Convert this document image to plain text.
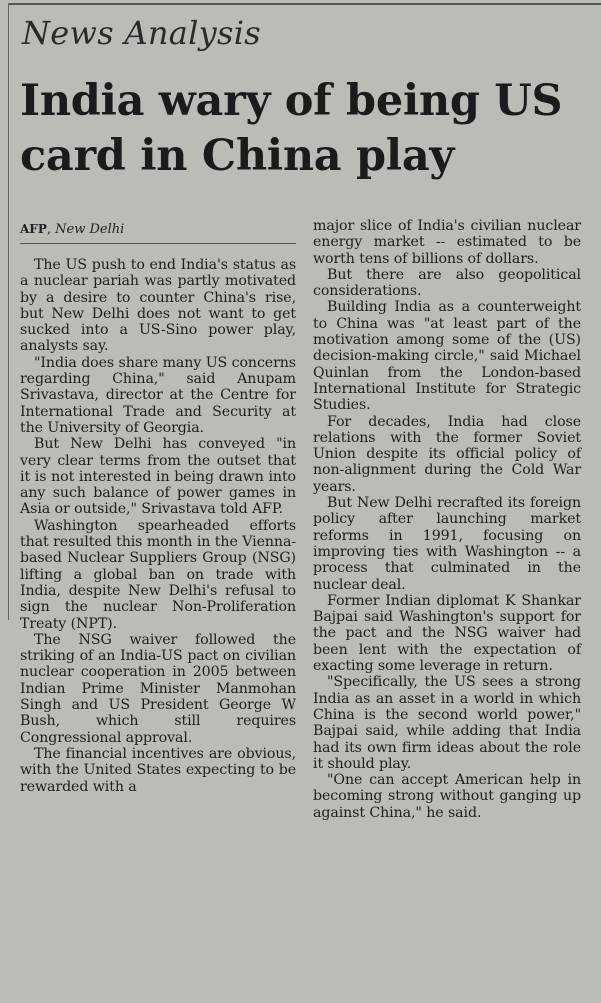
News Analysis
India wary of being US card in China play
AFP, New Delhi

The US push to end India's status as a nuclear pariah was partly motivated by a desire to counter China's rise, but New Delhi does not want to get sucked into a US-Sino power play, analysts say.

"India does share many US concerns regarding China," said Anupam Srivastava, director at the Centre for International Trade and Security at the University of Georgia.

But New Delhi has conveyed "in very clear terms from the outset that it is not interested in being drawn into any such balance of power games in Asia or outside," Srivastava told AFP.

Washington spearheaded efforts that resulted this month in the Vienna-based Nuclear Suppliers Group (NSG) lifting a global ban on trade with India, despite New Delhi's refusal to sign the nuclear Non-Proliferation Treaty (NPT).

The NSG waiver followed the striking of an India-US pact on civilian nuclear cooperation in 2005 between Indian Prime Minister Manmohan Singh and US President George W Bush, which still requires Congressional approval.

The financial incentives are obvious, with the United States expecting to be rewarded with a

major slice of India's civilian nuclear energy market -- estimated to be worth tens of billions of dollars.

But there are also geopolitical considerations.

Building India as a counterweight to China was "at least part of the motivation among some of the (US) decision-making circle," said Michael Quinlan from the London-based International Institute for Strategic Studies.

For decades, India had close relations with the former Soviet Union despite its official policy of non-alignment during the Cold War years.

But New Delhi recrafted its foreign policy after launching market reforms in 1991, focusing on improving ties with Washington -- a process that culminated in the nuclear deal.

Former Indian diplomat K Shankar Bajpai said Washington's support for the pact and the NSG waiver had been lent with the expectation of exacting some leverage in return.

"Specifically, the US sees a strong India as an asset in a world in which China is the second world power," Bajpai said, while adding that India had its own firm ideas about the role it should play.

"One can accept American help in becoming strong without ganging up against China," he said.
